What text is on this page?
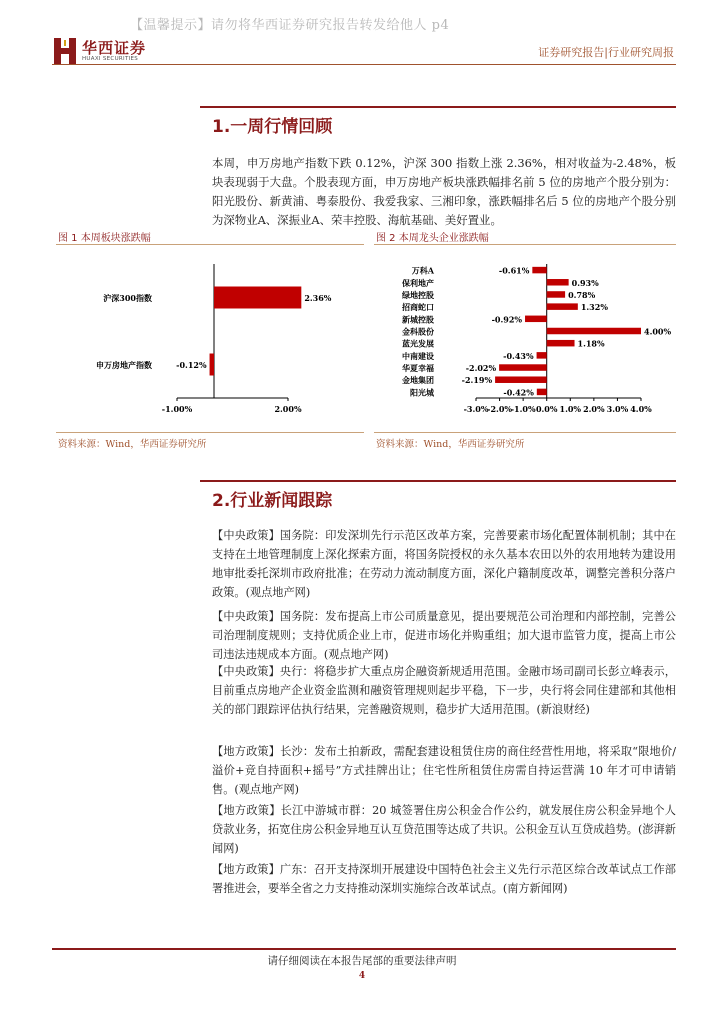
【温馨提示】请勿将华西证券研究报告转发给他人 p4
华西证券
HUAXI SECURITIES	证券研究报告|行业研究周报
1.一周行情回顾
本周，申万房地产指数下跌 0.12%，沪深 300 指数上涨 2.36%，相对收益为-2.48%，板块表现弱于大盘。个股表现方面，申万房地产板块涨跌幅排名前 5 位的房地产个股分别为：阳光股份、新黄浦、粤泰股份、我爱我家、三湘印象，涨跌幅排名后 5 位的房地产个股分别为深物业A、深振业A、荣丰控股、海航基础、美好置业。
图 1 本周板块涨跌幅
沪深300指数	2.36%
申万房地产指数	-0.12%
-1.00%	2.00%
资料来源：Wind，华西证券研究所
图 2 本周龙头企业涨跌幅
万科A	-0.61%
保利地产	0.93%
绿地控股	0.78%
招商蛇口	1.32%
新城控股	-0.92%
金科股份	4.00%
蓝光发展	1.18%
中南建设	-0.43%
华夏幸福	-2.02%
金地集团	-2.19%
阳光城	-0.42%
-3.0%
-2.0%
-1.0% 0.0% 1.0% 2.0% 3.0% 4.0%
资料来源：Wind，华西证券研究所
2.行业新闻跟踪
【中央政策】国务院：印发深圳先行示范区改革方案，完善要素市场化配置体制机制；其中在支持在土地管理制度上深化探索方面，将国务院授权的永久基本农田以外的农用地转为建设用地审批委托深圳市政府批准；在劳动力流动制度方面，深化户籍制度改革，调整完善积分落户政策。(观点地产网)
【中央政策】国务院：发布提高上市公司质量意见，提出要规范公司治理和内部控制，完善公司治理制度规则；支持优质企业上市，促进市场化并购重组；加大退市监管力度，提高上市公司违法违规成本方面。(观点地产网)
【中央政策】央行：将稳步扩大重点房企融资新规适用范围。金融市场司副司长彭立峰表示，目前重点房地产企业资金监测和融资管理规则起步平稳，下一步，央行将会同住建部和其他相关的部门跟踪评估执行结果，完善融资规则，稳步扩大适用范围。(新浪财经)
【地方政策】长沙：发布土拍新政，需配套建设租赁住房的商住经营性用地，将采取“限地价/溢价+竞自持面积+摇号”方式挂牌出让；住宅性所租赁住房需自持运营满 10 年才可申请销售。(观点地产网)
【地方政策】长江中游城市群：20 城签署住房公积金合作公约，就发展住房公积金异地个人贷款业务，拓宽住房公积金异地互认互贷范围等达成了共识。公积金互认互贷成趋势。(澎湃新闻网)
【地方政策】广东：召开支持深圳开展建设中国特色社会主义先行示范区综合改革试点工作部署推进会，要举全省之力支持推动深圳实施综合改革试点。(南方新闻网)
请仔细阅读在本报告尾部的重要法律声明
4
